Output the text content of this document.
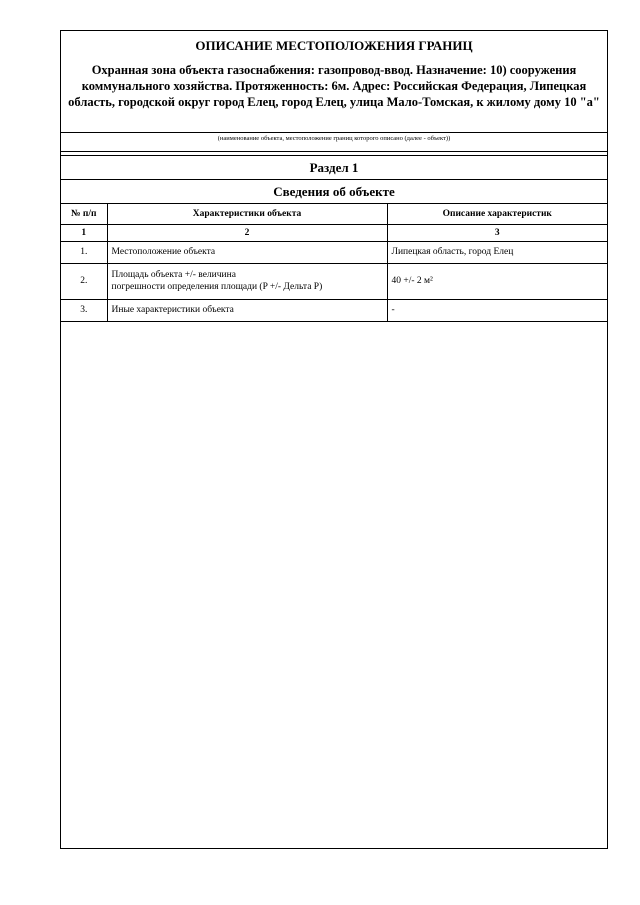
ОПИСАНИЕ МЕСТОПОЛОЖЕНИЯ ГРАНИЦ

Охранная зона объекта газоснабжения: газопровод-ввод. Назначение: 10) сооружения коммунального хозяйства. Протяженность: 6м. Адрес: Российская Федерация, Липецкая область, городской округ город Елец, город Елец, улица Мало-Томская, к жилому дому 10 "а"

(наименование объекта, местоположение границ которого описано (далее - объект))
Раздел 1
Сведения об объекте
№ п/п	Характеристики объекта	Описание характеристик
1	2	3
1.	Местоположение объекта	Липецкая область, город Елец
2.	Площадь объекта +/- величина
погрешности определения площади (P +/- Дельта P)	40 +/- 2 м²
3.	Иные характеристики объекта	-
